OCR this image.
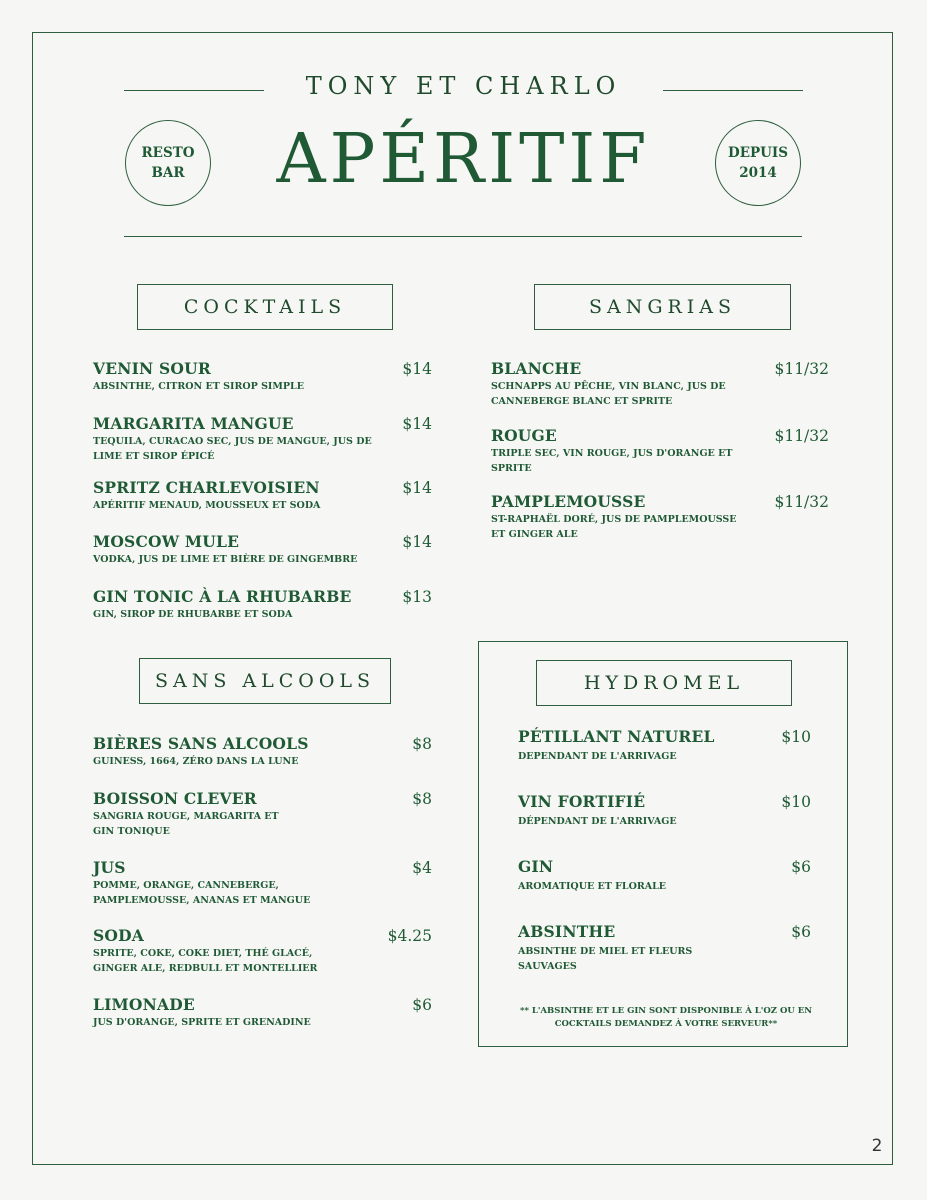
TONY ET CHARLO
APÉRITIF
RESTO
BAR
DEPUIS
2014
COCKTAILS	SANGRIAS
SANS ALCOOLS	HYDROMEL
VENIN SOUR	$14
ABSINTHE, CITRON ET SIROP SIMPLE
MARGARITA MANGUE	$14
TEQUILA, CURACAO SEC, JUS DE MANGUE, JUS DE
LIME ET SIROP ÉPICÉ
SPRITZ CHARLEVOISIEN	$14
APÉRITIF MENAUD, MOUSSEUX ET SODA
MOSCOW MULE	$14
VODKA, JUS DE LIME ET BIÈRE DE GINGEMBRE
GIN TONIC À LA RHUBARBE	$13
GIN, SIROP DE RHUBARBE ET SODA
BLANCHE	$11/32
SCHNAPPS AU PÊCHE, VIN BLANC, JUS DE
CANNEBERGE BLANC ET SPRITE
ROUGE	$11/32
TRIPLE SEC, VIN ROUGE, JUS D'ORANGE ET
SPRITE
PAMPLEMOUSSE	$11/32
ST-RAPHAËL DORÉ, JUS DE PAMPLEMOUSSE
ET GINGER ALE
BIÈRES SANS ALCOOLS	$8
GUINESS, 1664, ZÉRO DANS LA LUNE
BOISSON CLEVER	$8
SANGRIA ROUGE, MARGARITA ET
GIN TONIQUE
JUS	$4
POMME, ORANGE, CANNEBERGE,
PAMPLEMOUSSE, ANANAS ET MANGUE
SODA	$4.25
SPRITE, COKE, COKE DIET, THÉ GLACÉ,
GINGER ALE, REDBULL ET MONTELLIER
LIMONADE	$6
JUS D'ORANGE, SPRITE ET GRENADINE
PÉTILLANT NATUREL	$10
DEPENDANT DE L'ARRIVAGE
VIN FORTIFIÉ	$10
DÉPENDANT DE L'ARRIVAGE
GIN	$6
AROMATIQUE ET FLORALE
ABSINTHE	$6
ABSINTHE DE MIEL ET FLEURS
SAUVAGES
** L'ABSINTHE ET LE GIN SONT DISPONIBLE À L'OZ OU EN
COCKTAILS DEMANDEZ À VOTRE SERVEUR**
2
